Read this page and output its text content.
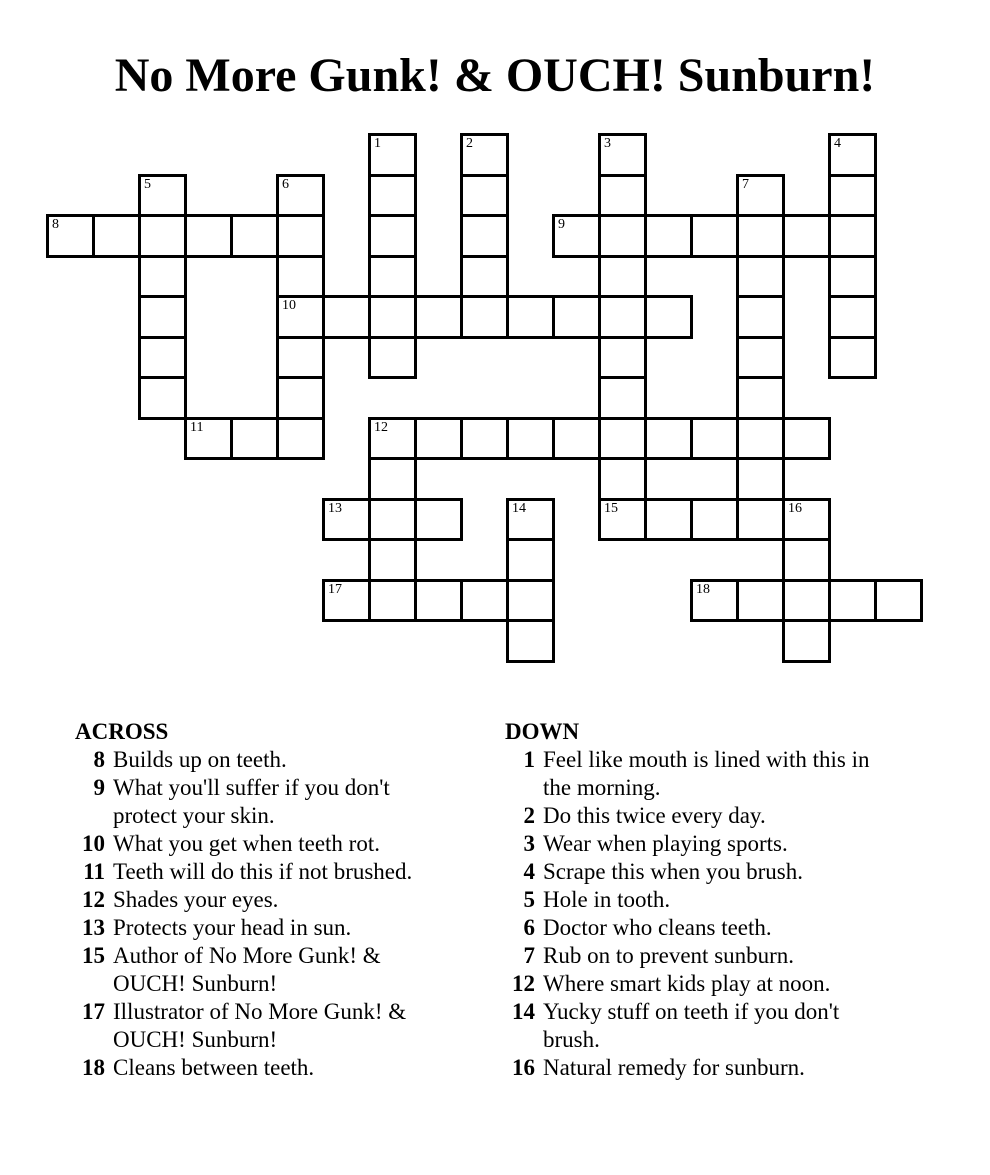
No More Gunk! & OUCH! Sunburn!
1	2	3
15
4
5	6
10
7
8	9
11	12
13	14	16
17	18
ACROSS
8 Builds up on teeth.
9 What you'll suffer if you don't protect your skin.
10 What you get when teeth rot.
11 Teeth will do this if not brushed.
12 Shades your eyes.
13 Protects your head in sun.
15 Author of No More Gunk! & OUCH! Sunburn!
17 Illustrator of No More Gunk! & OUCH! Sunburn!
18 Cleans between teeth.
DOWN
1 Feel like mouth is lined with this in the morning.
2 Do this twice every day.
3 Wear when playing sports.
4 Scrape this when you brush.
5 Hole in tooth.
6 Doctor who cleans teeth.
7 Rub on to prevent sunburn.
12 Where smart kids play at noon.
14 Yucky stuff on teeth if you don't brush.
16 Natural remedy for sunburn.
